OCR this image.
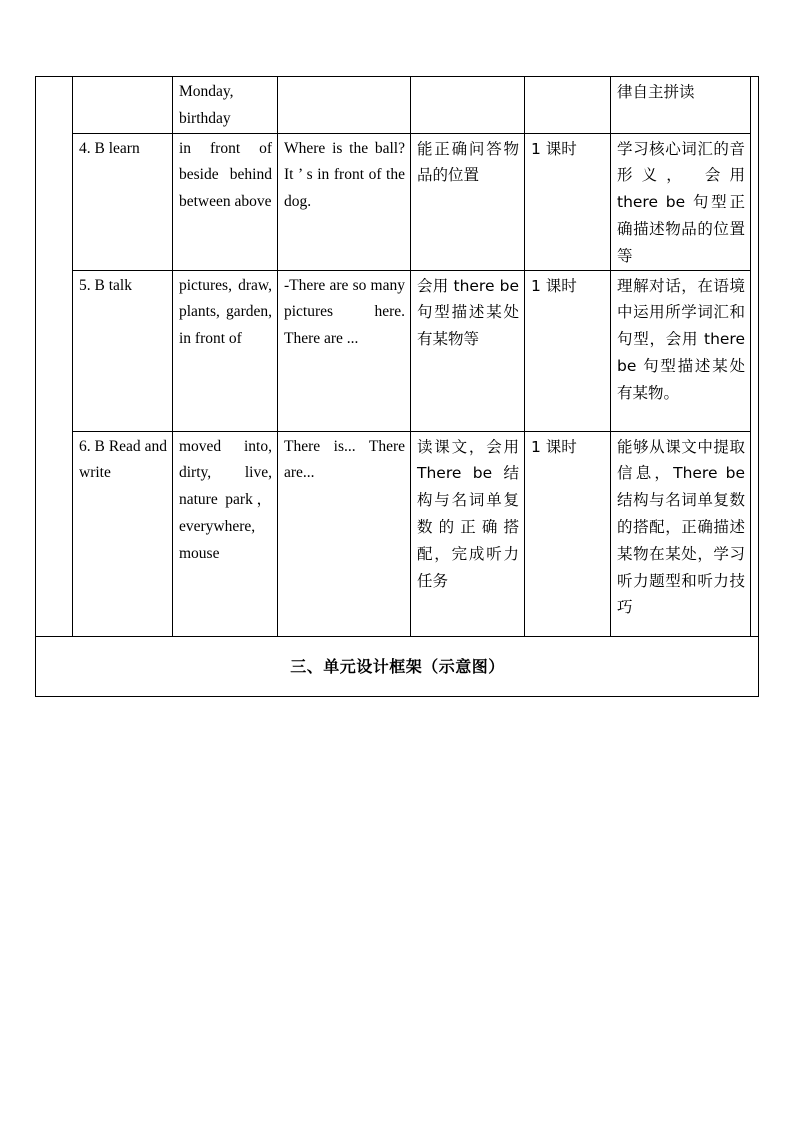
		Monday, birthday				律自主拼读	
	4. B learn	in front of beside behind between above	Where is the ball? It ’ s in front of the dog.	能正确问答物品的位置	1 课时	学习核心词汇的音形义， 会用 there be 句型正确描述物品的位置等	
	5. B talk	pictures, draw, plants, garden, in front of	-There are so many pictures here. There are ...	会用 there be 句型描述某处有某物等	1 课时	理解对话，在语境中运用所学词汇和句型，会用 there be 句型描述某处有某物。	
	6. B Read and write	moved into, dirty, live, nature park，everywhere, mouse	There is... There are...	读课文，会用 There be 结构与名词单复数的正确搭配，完成听力任务	1 课时	能够从课文中提取信息，There be 结构与名词单复数的搭配，正确描述某物在某处，学习听力题型和听力技巧	
三、单元设计框架（示意图）							
